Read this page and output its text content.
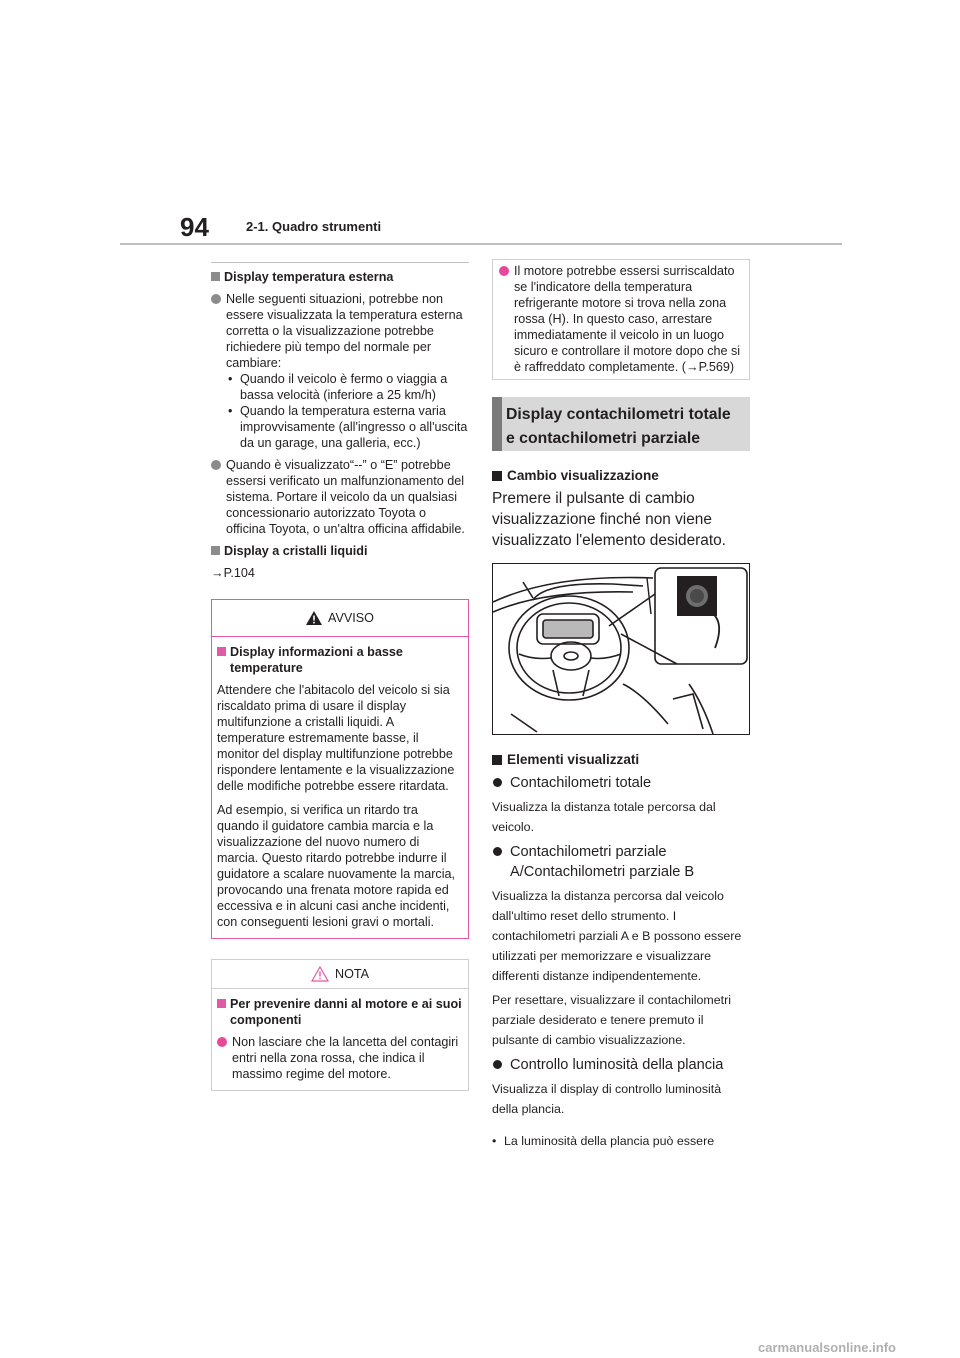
94	2-1. Quadro strumenti

Display temperatura esterna

Nelle seguenti situazioni, potrebbe non essere visualizzata la temperatura esterna corretta o la visualizzazione potrebbe richiedere più tempo del normale per cambiare:

• Quando il veicolo è fermo o viaggia a bassa velocità (inferiore a 25 km/h)

• Quando la temperatura esterna varia improvvisamente (all'ingresso o all'uscita da un garage, una galleria, ecc.)

Quando è visualizzato“--” o “E” potrebbe essersi verificato un malfunzionamento del sistema. Portare il veicolo da un qualsiasi concessionario autorizzato Toyota o officina Toyota, o un'altra officina affidabile.

Display a cristalli liquidi

→P.104

AVVISO

Display informazioni a basse temperature

Attendere che l'abitacolo del veicolo si sia riscaldato prima di usare il display multifunzione a cristalli liquidi. A temperature estremamente basse, il monitor del display multifunzione potrebbe rispondere lentamente e la visualizzazione delle modifiche potrebbe essere ritardata.

Ad esempio, si verifica un ritardo tra quando il guidatore cambia marcia e la visualizzazione del nuovo numero di marcia. Questo ritardo potrebbe indurre il guidatore a scalare nuovamente la marcia, provocando una frenata motore rapida ed eccessiva e in alcuni casi anche incidenti, con conseguenti lesioni gravi o mortali.

NOTA

Per prevenire danni al motore e ai suoi componenti

Non lasciare che la lancetta del contagiri entri nella zona rossa, che indica il massimo regime del motore.

Il motore potrebbe essersi surriscaldato se l'indicatore della temperatura refrigerante motore si trova nella zona rossa (H). In questo caso, arrestare immediatamente il veicolo in un luogo sicuro e controllare il motore dopo che si è raffreddato completamente. (→P.569)

Display contachilometri totale e contachilometri parziale

Cambio visualizzazione

Premere il pulsante di cambio visualizzazione finché non viene visualizzato l'elemento desiderato.

Elementi visualizzati

Contachilometri totale

Visualizza la distanza totale percorsa dal veicolo.

Contachilometri parziale A/Contachilometri parziale B

Visualizza la distanza percorsa dal veicolo dall'ultimo reset dello strumento. I contachilometri parziali A e B possono essere utilizzati per memorizzare e visualizzare differenti distanze indipendentemente.

Per resettare, visualizzare il contachilometri parziale desiderato e tenere premuto il pulsante di cambio visualizzazione.

Controllo luminosità della plancia

Visualizza il display di controllo luminosità della plancia.

• La luminosità della plancia può essere

carmanualsonline.info
